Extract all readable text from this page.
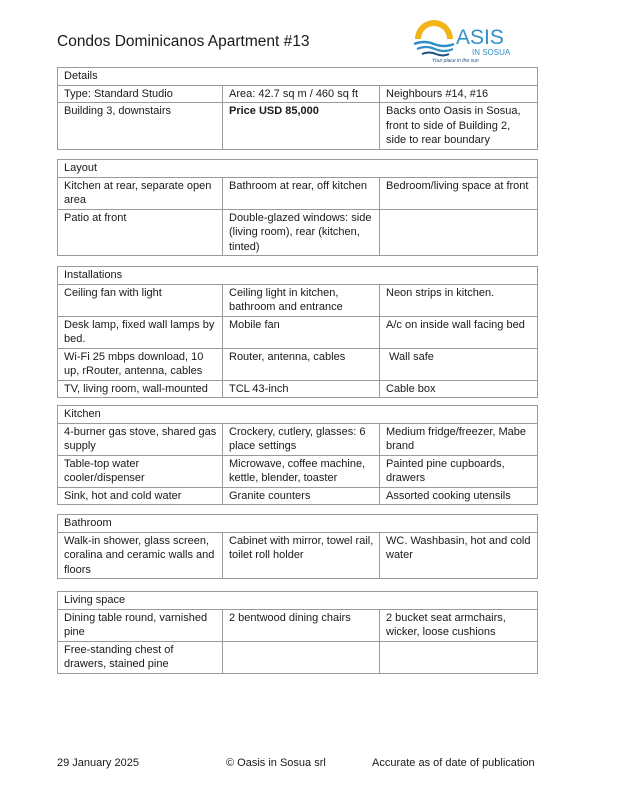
Condos Dominicanos Apartment #13	ASIS
IN SOSUA
Your place in the sun
Details		
Type: Standard Studio	Area: 42.7 sq m / 460 sq ft	Neighbours #14, #16
Building 3, downstairs	Price USD 85,000	Backs onto Oasis in Sosua, front to side of Building 2, side to rear boundary
Layout		
Kitchen at rear, separate open area	Bathroom at rear, off kitchen	Bedroom/living space at front
Patio at front	Double-glazed windows: side (living room), rear (kitchen, tinted)	
Installations		
Ceiling fan with light	Ceiling light in kitchen, bathroom and entrance	Neon strips in kitchen.
Desk lamp, fixed wall lamps by bed.	Mobile fan	A/c on inside wall facing bed
Wi-Fi 25 mbps download, 10 up, rRouter, antenna, cables	Router, antenna, cables	Wall safe
TV, living room, wall-mounted	TCL 43-inch	Cable box
Kitchen		
4-burner gas stove, shared gas supply	Crockery, cutlery, glasses: 6 place settings	Medium fridge/freezer, Mabe brand
Table-top water cooler/dispenser	Microwave, coffee machine, kettle, blender, toaster	Painted pine cupboards, drawers
Sink, hot and cold water	Granite counters	Assorted cooking utensils
Bathroom
Walk-in shower, glass screen, coralina and ceramic walls and floors	Cabinet with mirror, towel rail, toilet roll holder	WC. Washbasin, hot and cold water
Living space		
Dining table round, varnished pine	2 bentwood dining chairs	2 bucket seat armchairs, wicker, loose cushions
Free-standing chest of drawers, stained pine		
29 January 2025	© Oasis in Sosua srl	Accurate as of date of publication
